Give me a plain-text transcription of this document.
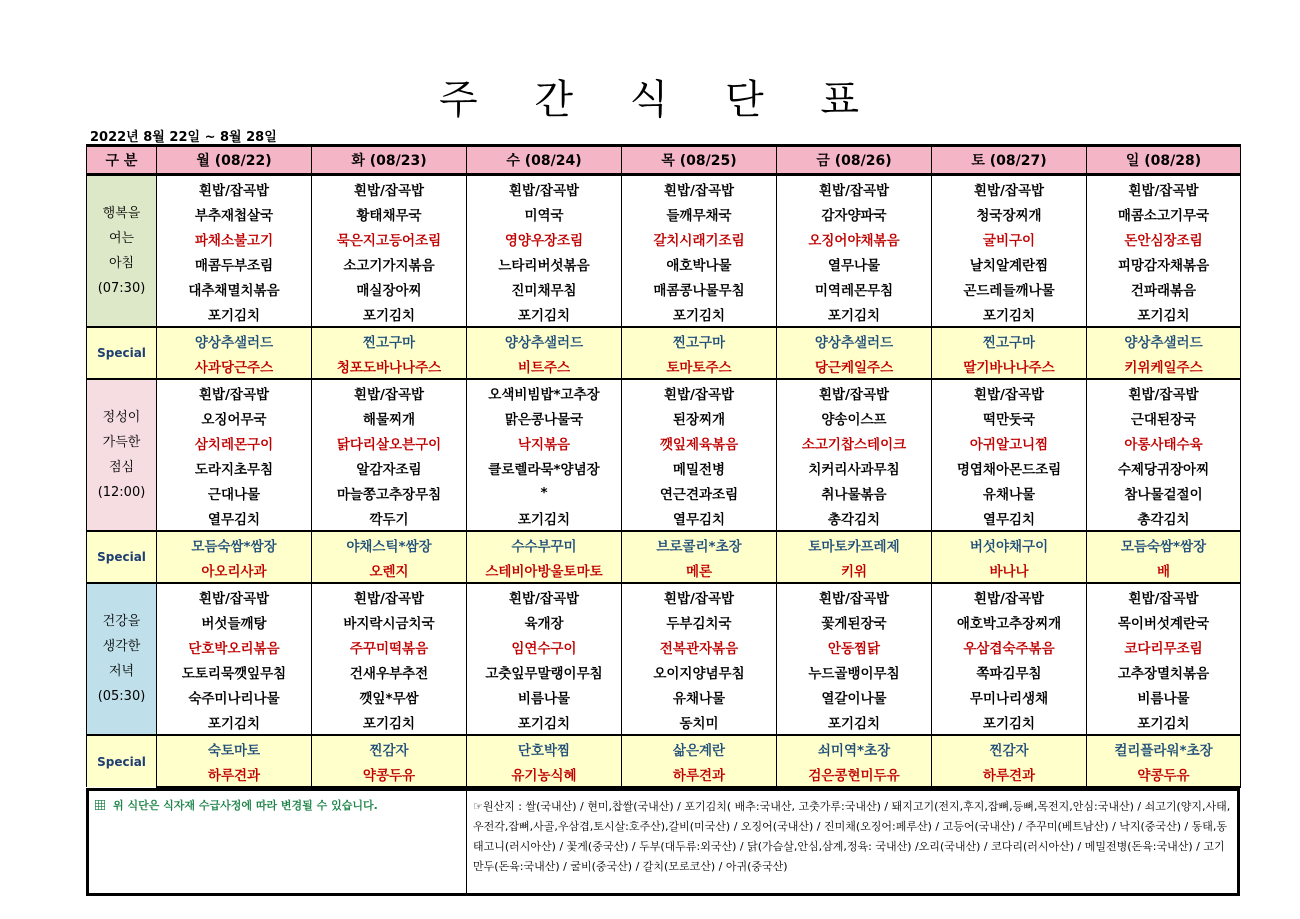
주 간 식 단 표
2022년 8월 22일 ~ 8월 28일
구 분	월 (08/22)	화 (08/23)	수 (08/24)	목 (08/25)	금 (08/26)	토 (08/27)	일 (08/28)

행복을
여는
아침
(07:30)	흰밥/잡곡밥	흰밥/잡곡밥	흰밥/잡곡밥	흰밥/잡곡밥	흰밥/잡곡밥	흰밥/잡곡밥	흰밥/잡곡밥
	부추재첩살국	황태채무국	미역국	들깨무채국	감자양파국	청국장찌개	매콤소고기무국
	파채소불고기	묵은지고등어조림	영양우장조림	갈치시래기조림	오징어야채볶음	굴비구이	돈안심장조림
	매콤두부조림	소고기가지볶음	느타리버섯볶음	애호박나물	열무나물	날치알계란찜	피망감자채볶음
	대추채멸치볶음	매실장아찌	진미채무침	매콤콩나물무침	미역레몬무침	곤드레들깨나물	건파래볶음
	포기김치	포기김치	포기김치	포기김치	포기김치	포기김치	포기김치
Special	양상추샐러드	찐고구마	양상추샐러드	찐고구마	양상추샐러드	찐고구마	양상추샐러드
	사과당근주스	청포도바나나주스	비트주스	토마토주스	당근케일주스	딸기바나나주스	키위케일주스

정성이
가득한
점심
(12:00)	흰밥/잡곡밥	흰밥/잡곡밥	오색비빔밥*고추장	흰밥/잡곡밥	흰밥/잡곡밥	흰밥/잡곡밥	흰밥/잡곡밥
	오징어무국	해물찌개	맑은콩나물국	된장찌개	양송이스프	떡만둣국	근대된장국
	삼치레몬구이	닭다리살오븐구이	낙지볶음	깻잎제육볶음	소고기찹스테이크	아귀알고니찜	아롱사태수육
	도라지초무침	알감자조림	클로렐라묵*양념장	메밀전병	치커리사과무침	명엽채아몬드조림	수제당귀장아찌
	근대나물	마늘쫑고추장무침	*	연근견과조림	취나물볶음	유채나물	참나물겉절이
	열무김치	깍두기	포기김치	열무김치	총각김치	열무김치	총각김치
Special	모듬숙쌈*쌈장	야채스틱*쌈장	수수부꾸미	브로콜리*초장	토마토카프레제	버섯야채구이	모듬숙쌈*쌈장
	아오리사과	오렌지	스테비아방울토마토	메론	키위	바나나	배

건강을
생각한
저녁
(05:30)	흰밥/잡곡밥	흰밥/잡곡밥	흰밥/잡곡밥	흰밥/잡곡밥	흰밥/잡곡밥	흰밥/잡곡밥	흰밥/잡곡밥
	버섯들깨탕	바지락시금치국	육개장	두부김치국	꽃게된장국	애호박고추장찌개	목이버섯계란국
	단호박오리볶음	주꾸미떡볶음	임연수구이	전복관자볶음	안동찜닭	우삼겹숙주볶음	코다리무조림
	도토리묵깻잎무침	건새우부추전	고춧잎무말랭이무침	오이지양념무침	누드골뱅이무침	쪽파김무침	고추장멸치볶음
	숙주미나리나물	깻잎*무쌈	비름나물	유채나물	열갈이나물	무미나리생채	비름나물
	포기김치	포기김치	포기김치	동치미	포기김치	포기김치	포기김치
Special	숙토마토	찐감자	단호박찜	삶은계란	쇠미역*초장	찐감자	컬리플라워*초장
	하루견과	약콩두유	유기농식혜	하루견과	검은콩현미두유	하루견과	약콩두유
위 식단은 식자재 수급사정에 따라 변경될 수 있습니다.	☞원산지 : 쌀(국내산) / 현미,찹쌀(국내산) / 포기김치( 배추:국내산, 고춧가루:국내산) / 돼지고기(전지,후지,잡뼈,등뼈,목전지,안심:국내산) / 쇠고기(양지,사태,우전각,잡뼈,사골,우삼겹,토시살:호주산),갈비(미국산) / 오징어(국내산) / 진미채(오징어:페루산) / 고등어(국내산) / 주꾸미(베트남산) / 낙지(중국산) / 동태,동태고니(러시아산) / 꽃게(중국산) / 두부(대두류:외국산) / 닭(가슴살,안심,삼계,정육: 국내산) /오리(국내산) / 코다리(러시아산) / 메밀전병(돈육:국내산) / 고기만두(돈육:국내산) / 굴비(중국산) / 갈치(모로코산) / 아귀(중국산)
